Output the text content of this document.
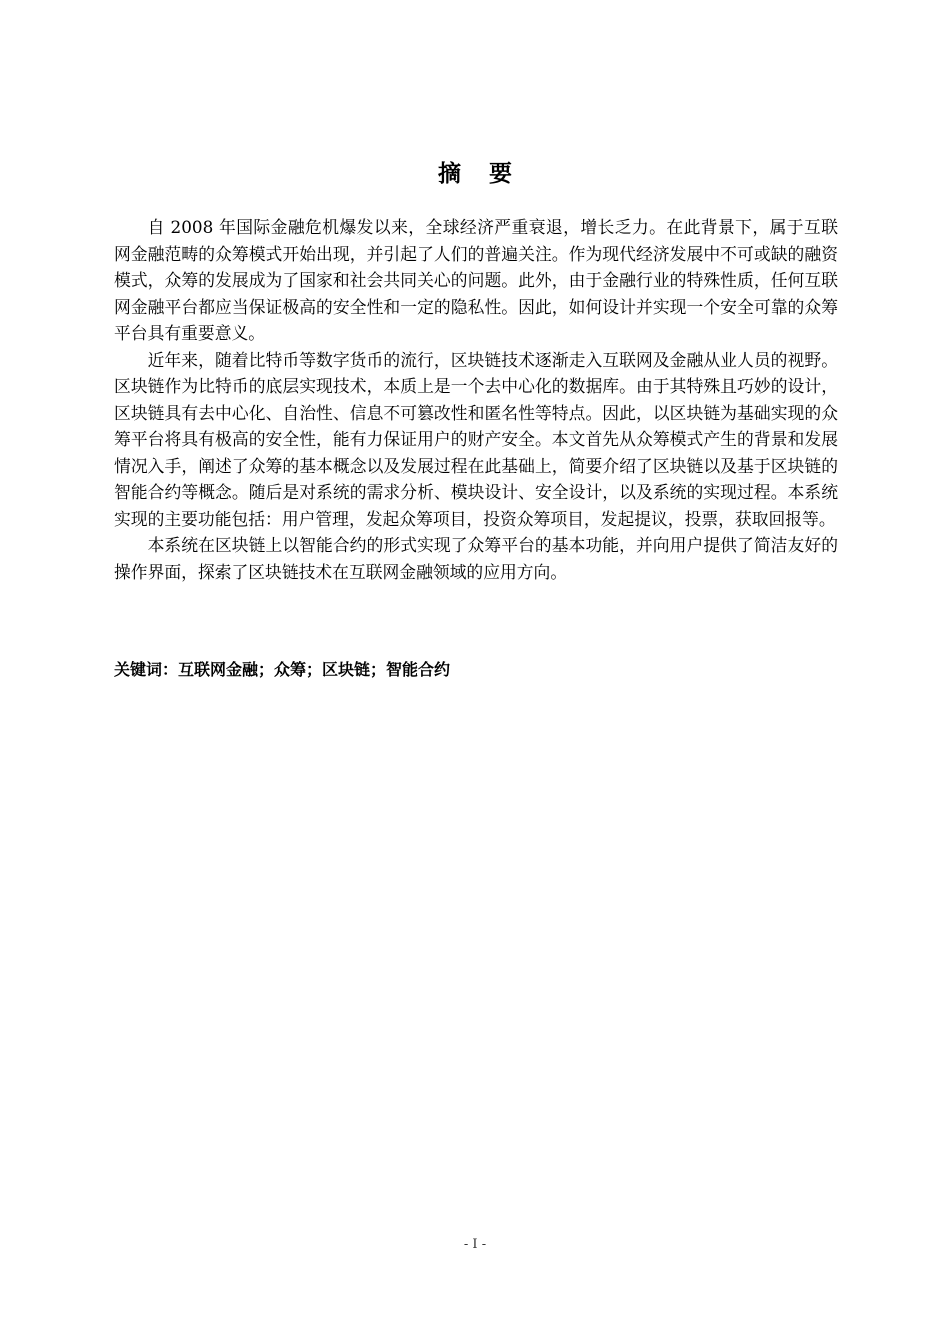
摘要

自 2008 年国际金融危机爆发以来，全球经济严重衰退，增长乏力。在此背景下，属于互联网金融范畴的众筹模式开始出现，并引起了人们的普遍关注。作为现代经济发展中不可或缺的融资模式，众筹的发展成为了国家和社会共同关心的问题。此外，由于金融行业的特殊性质，任何互联网金融平台都应当保证极高的安全性和一定的隐私性。因此，如何设计并实现一个安全可靠的众筹平台具有重要意义。

近年来，随着比特币等数字货币的流行，区块链技术逐渐走入互联网及金融从业人员的视野。区块链作为比特币的底层实现技术，本质上是一个去中心化的数据库。由于其特殊且巧妙的设计，区块链具有去中心化、自治性、信息不可篡改性和匿名性等特点。因此，以区块链为基础实现的众筹平台将具有极高的安全性，能有力保证用户的财产安全。本文首先从众筹模式产生的背景和发展情况入手，阐述了众筹的基本概念以及发展过程在此基础上，简要介绍了区块链以及基于区块链的智能合约等概念。随后是对系统的需求分析、模块设计、安全设计，以及系统的实现过程。本系统实现的主要功能包括：用户管理，发起众筹项目，投资众筹项目，发起提议，投票，获取回报等。

本系统在区块链上以智能合约的形式实现了众筹平台的基本功能，并向用户提供了简洁友好的操作界面，探索了区块链技术在互联网金融领域的应用方向。

关键词：互联网金融；众筹；区块链；智能合约
- I -
